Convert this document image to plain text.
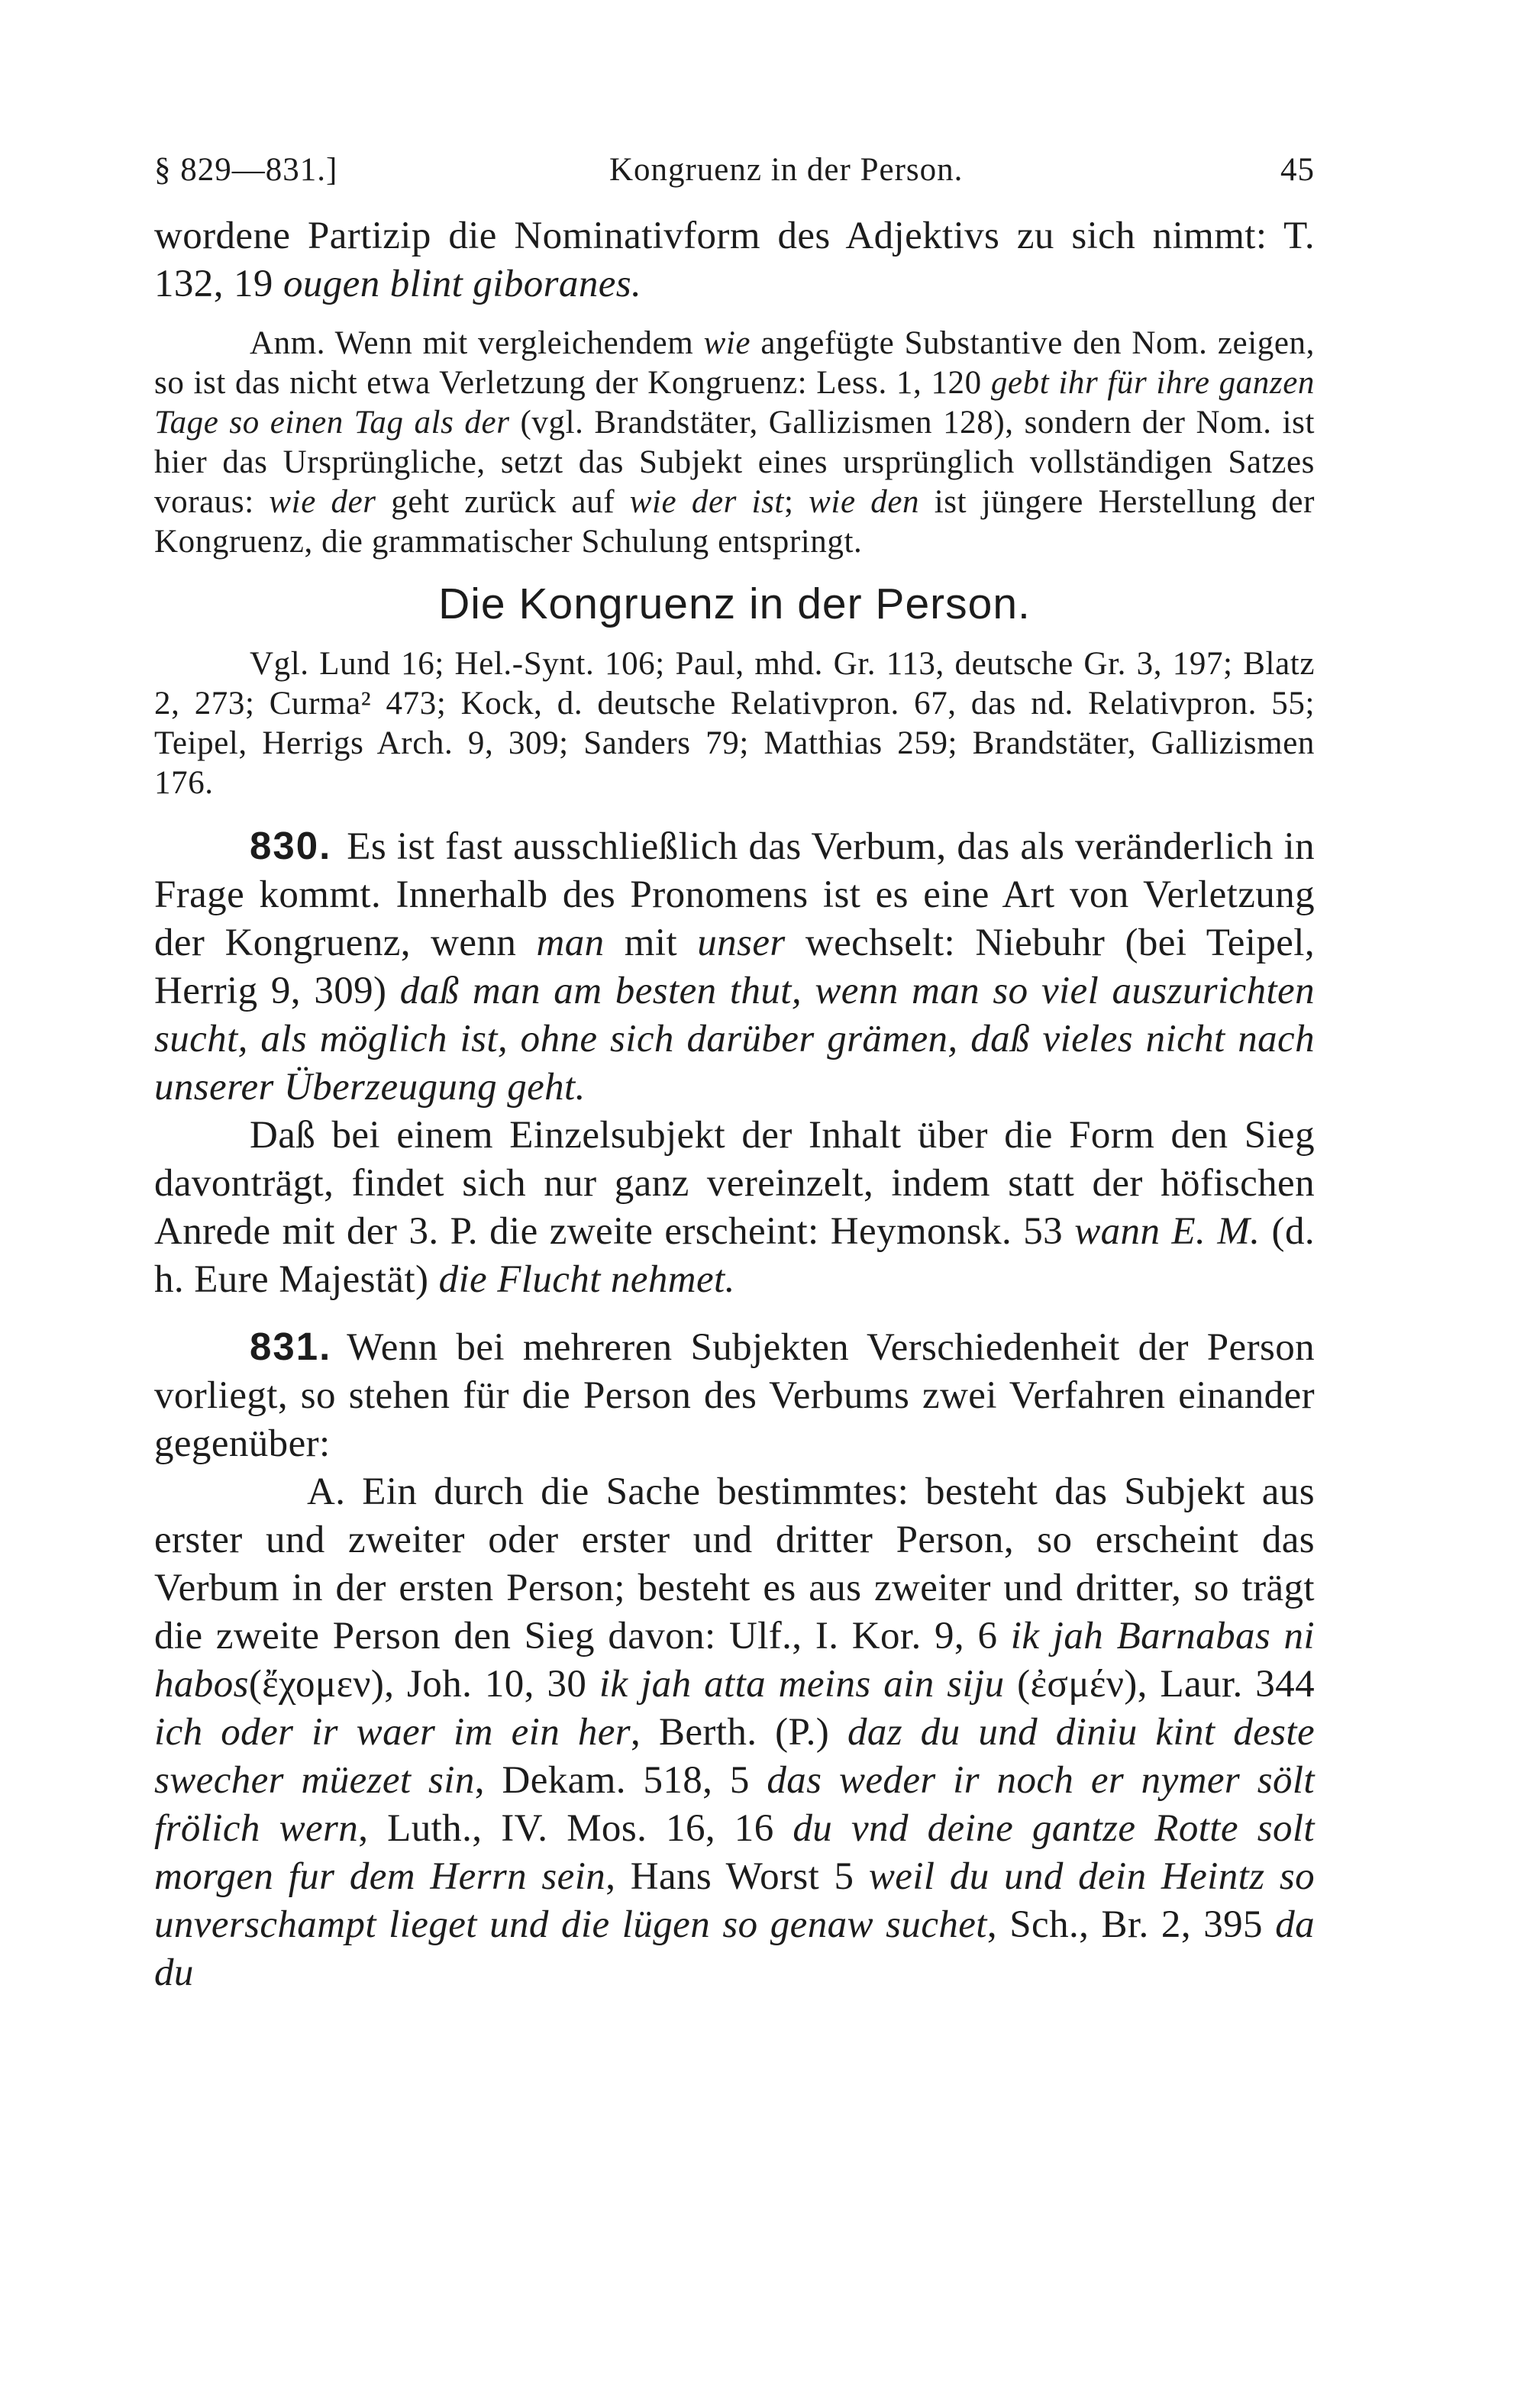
§ 829—831.]	Kongruenz in der Person.	45

wordene Partizip die Nominativform des Adjektivs zu sich nimmt: T. 132, 19 ougen blint giboranes.

Anm. Wenn mit vergleichendem wie angefügte Substantive den Nom. zeigen, so ist das nicht etwa Verletzung der Kongruenz: Less. 1, 120 gebt ihr für ihre ganzen Tage so einen Tag als der (vgl. Brandstäter, Gallizismen 128), sondern der Nom. ist hier das Ursprüngliche, setzt das Subjekt eines ursprünglich vollständigen Satzes voraus: wie der geht zurück auf wie der ist; wie den ist jüngere Herstellung der Kongruenz, die grammatischer Schulung entspringt.

Die Kongruenz in der Person.

Vgl. Lund 16; Hel.-Synt. 106; Paul, mhd. Gr. 113, deutsche Gr. 3, 197; Blatz 2, 273; Curma² 473; Kock, d. deutsche Relativpron. 67, das nd. Relativpron. 55; Teipel, Herrigs Arch. 9, 309; Sanders 79; Matthias 259; Brandstäter, Gallizismen 176.

830. Es ist fast ausschließlich das Verbum, das als veränderlich in Frage kommt. Innerhalb des Pronomens ist es eine Art von Verletzung der Kongruenz, wenn man mit unser wechselt: Niebuhr (bei Teipel, Herrig 9, 309) daß man am besten thut, wenn man so viel auszurichten sucht, als möglich ist, ohne sich darüber grämen, daß vieles nicht nach unserer Überzeugung geht.

Daß bei einem Einzelsubjekt der Inhalt über die Form den Sieg davonträgt, findet sich nur ganz vereinzelt, indem statt der höfischen Anrede mit der 3. P. die zweite erscheint: Heymonsk. 53 wann E. M. (d. h. Eure Majestät) die Flucht nehmet.

831. Wenn bei mehreren Subjekten Verschiedenheit der Person vorliegt, so stehen für die Person des Verbums zwei Verfahren einander gegenüber:

A. Ein durch die Sache bestimmtes: besteht das Subjekt aus erster und zweiter oder erster und dritter Person, so erscheint das Verbum in der ersten Person; besteht es aus zweiter und dritter, so trägt die zweite Person den Sieg davon: Ulf., I. Kor. 9, 6 ik jah Barnabas ni habos(ἔχομεν), Joh. 10, 30 ik jah atta meins ain siju (ἐσμέν), Laur. 344 ich oder ir waer im ein her, Berth. (P.) daz du und diniu kint deste swecher müezet sin, Dekam. 518, 5 das weder ir noch er nymer sölt frölich wern, Luth., IV. Mos. 16, 16 du vnd deine gantze Rotte solt morgen fur dem Herrn sein, Hans Worst 5 weil du und dein Heintz so unverschampt lieget und die lügen so genaw suchet, Sch., Br. 2, 395 da du
